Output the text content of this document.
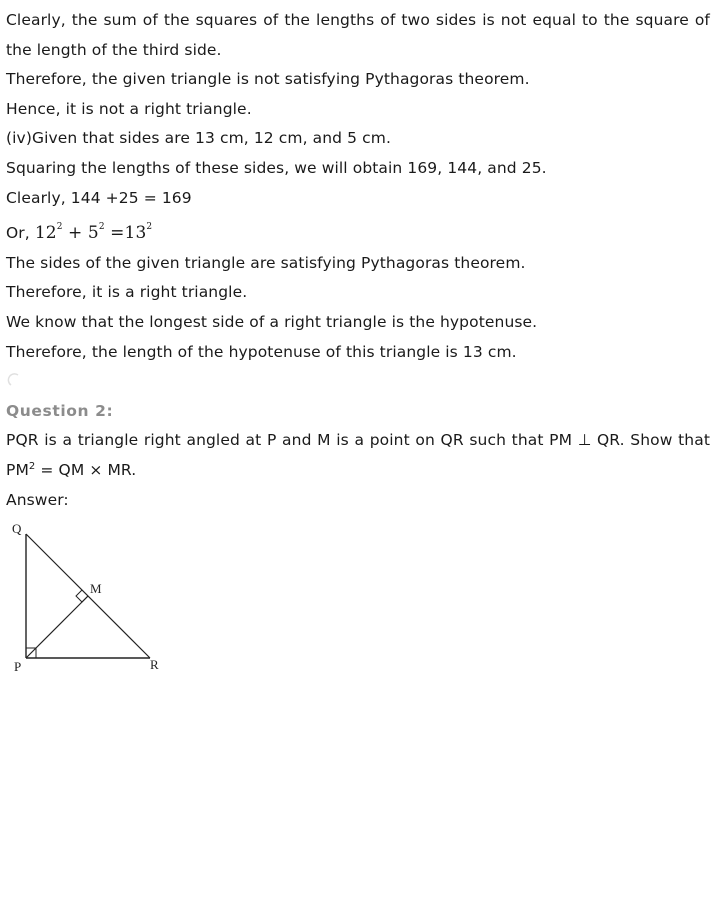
Clearly, the sum of the squares of the lengths of two sides is not equal to the square of the length of the third side.
Therefore, the given triangle is not satisfying Pythagoras theorem.
Hence, it is not a right triangle.
(iv)Given that sides are 13 cm, 12 cm, and 5 cm.
Squaring the lengths of these sides, we will obtain 169, 144, and 25.
Clearly, 144 +25 = 169
Or, $12^2 + 5^2 =13^2$
The sides of the given triangle are satisfying Pythagoras theorem.
Therefore, it is a right triangle.
We know that the longest side of a right triangle is the hypotenuse.
Therefore, the length of the hypotenuse of this triangle is 13 cm.
Question 2:
PQR is a triangle right angled at P and M is a point on QR such that PM ⊥ QR. Show that $PM^2$ = QM × MR.
Answer:
Q
M
P	R
